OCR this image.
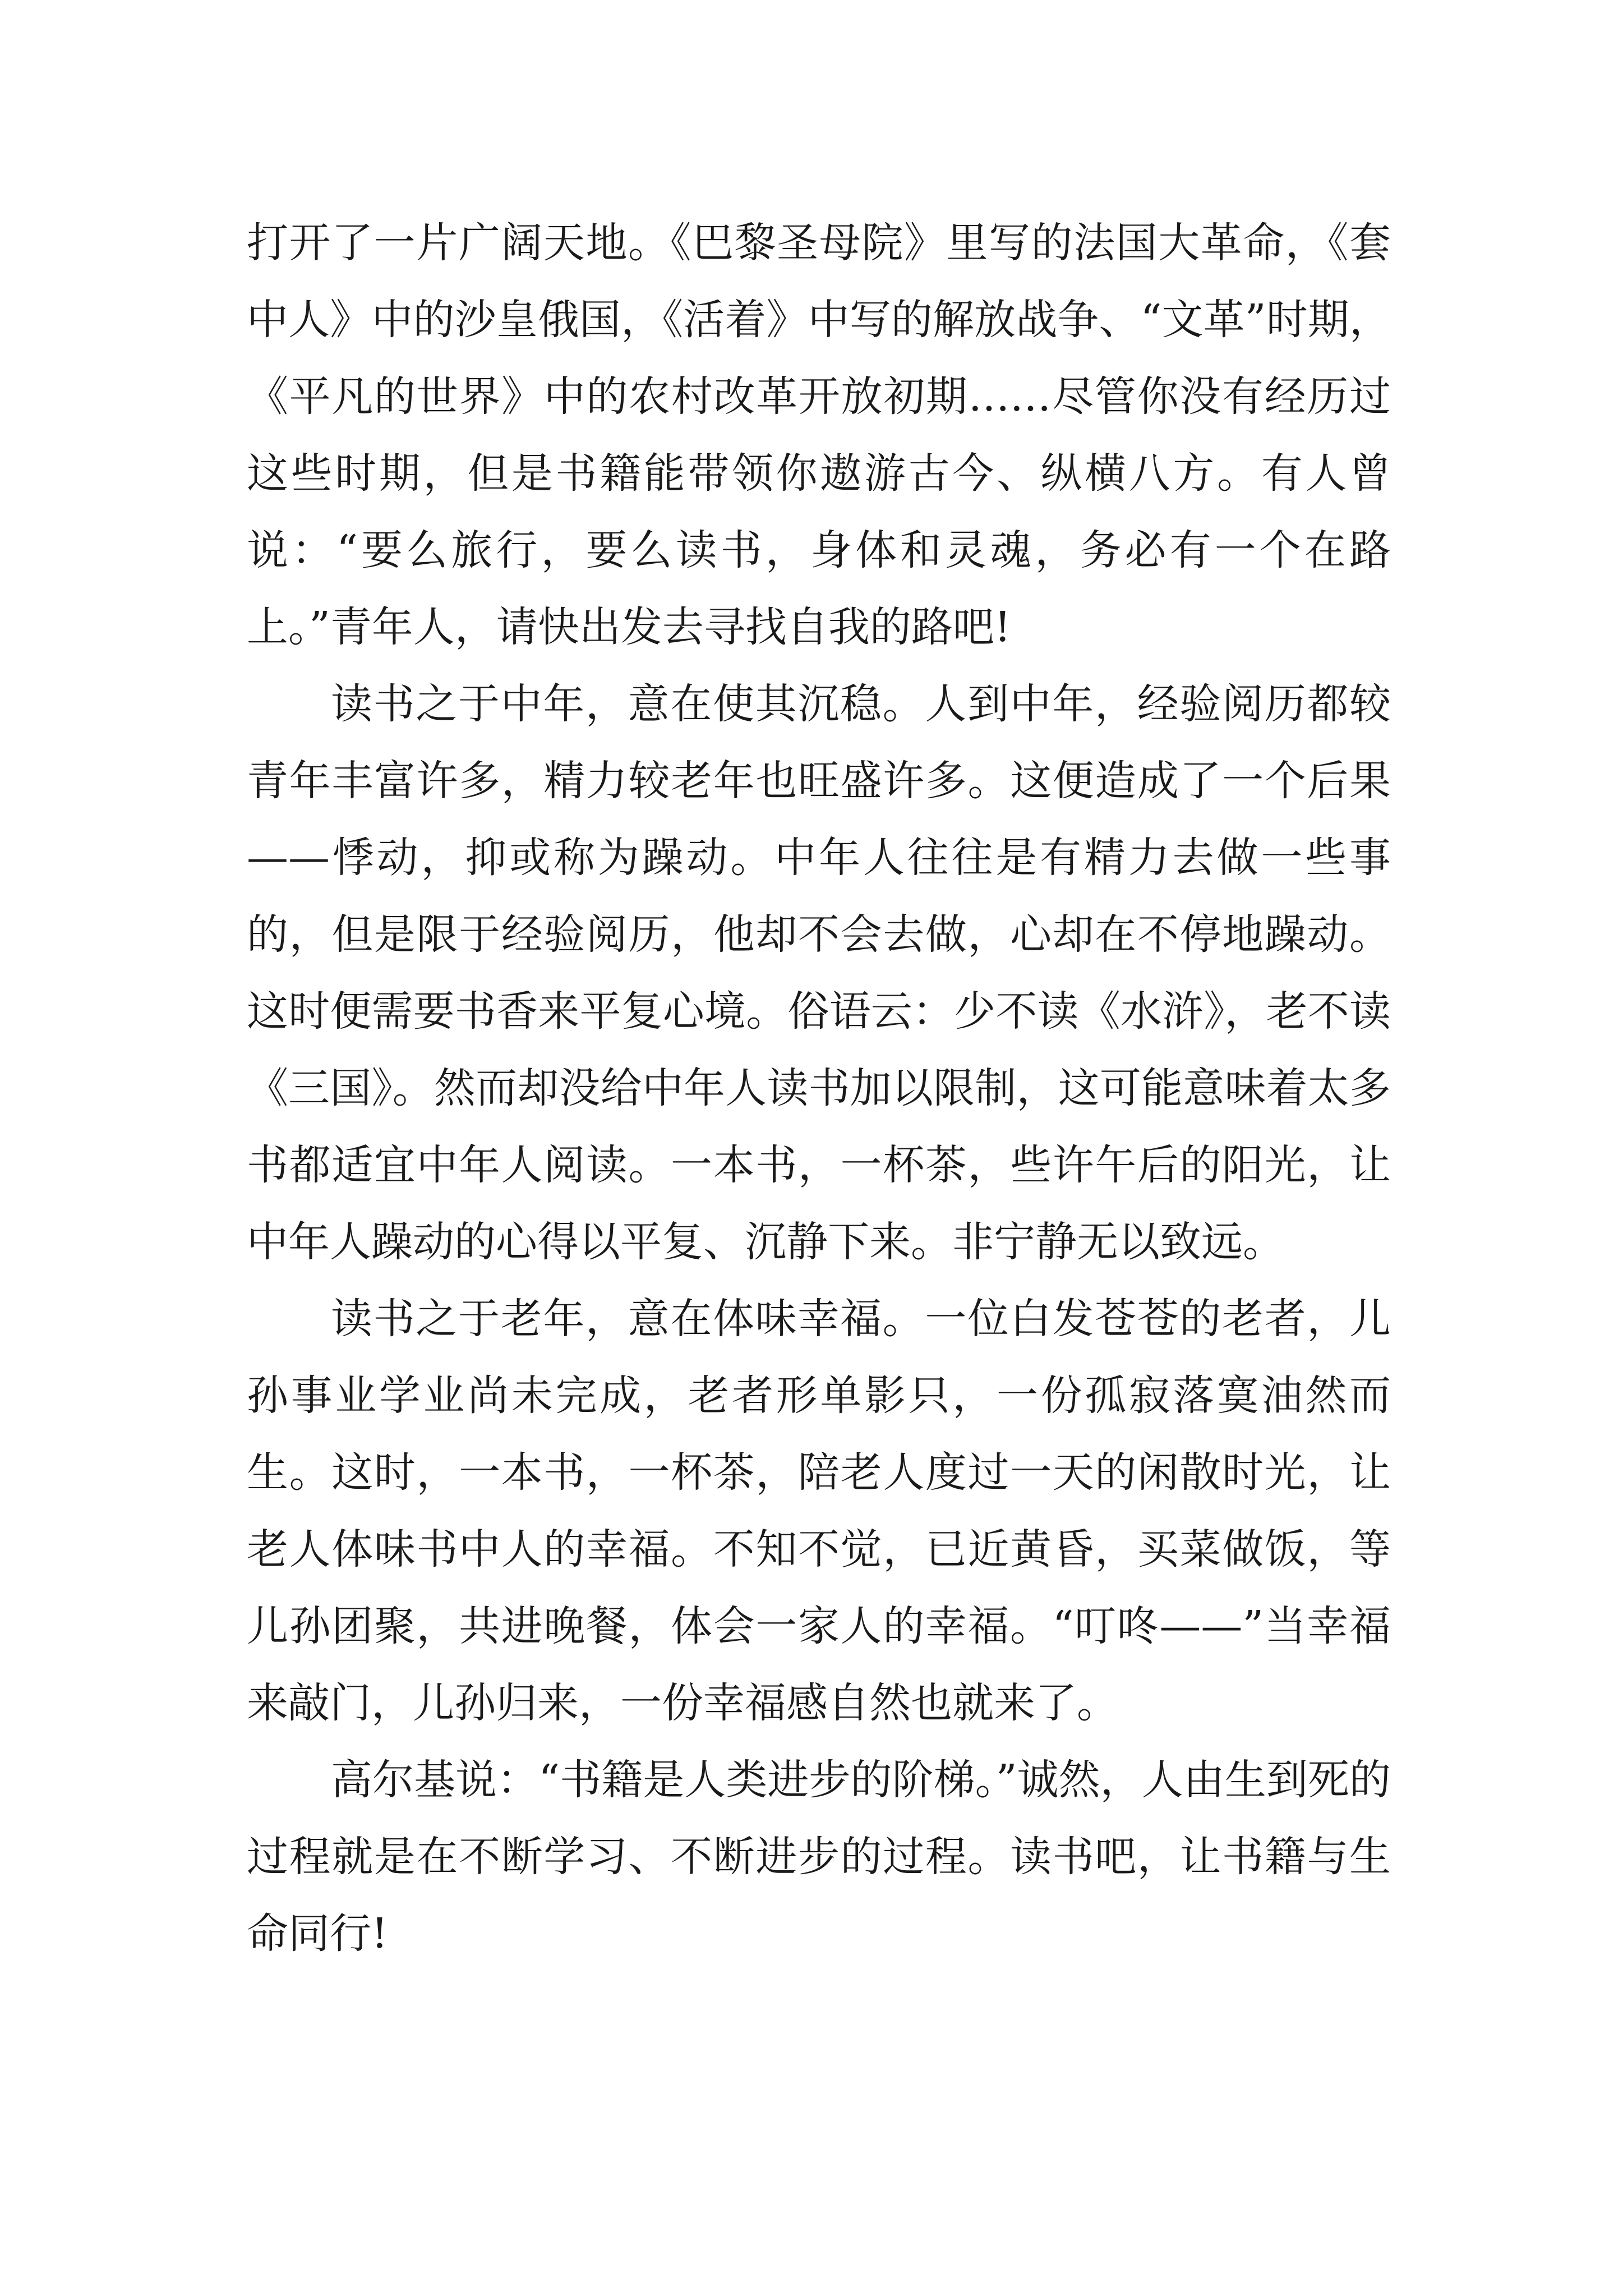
打开了一片广阔天地。《巴黎圣母院》里写的法国大革命，《套中人》中的沙皇俄国，《活着》中写的解放战争、“文革”时期，《平凡的世界》中的农村改革开放初期……尽管你没有经历过这些时期，但是书籍能带领你遨游古今、纵横八方。有人曾说：“要么旅行，要么读书，身体和灵魂，务必有一个在路上。”青年人，请快出发去寻找自我的路吧!

读书之于中年，意在使其沉稳。人到中年，经验阅历都较青年丰富许多，精力较老年也旺盛许多。这便造成了一个后果——悸动，抑或称为躁动。中年人往往是有精力去做一些事的，但是限于经验阅历，他却不会去做，心却在不停地躁动。这时便需要书香来平复心境。俗语云：少不读《水浒》，老不读《三国》。然而却没给中年人读书加以限制，这可能意味着太多书都适宜中年人阅读。一本书，一杯茶，些许午后的阳光，让中年人躁动的心得以平复、沉静下来。非宁静无以致远。

读书之于老年，意在体味幸福。一位白发苍苍的老者，儿孙事业学业尚未完成，老者形单影只，一份孤寂落寞油然而生。这时，一本书，一杯茶，陪老人度过一天的闲散时光，让老人体味书中人的幸福。不知不觉，已近黄昏，买菜做饭，等儿孙团聚，共进晚餐，体会一家人的幸福。“叮咚——”当幸福来敲门，儿孙归来，一份幸福感自然也就来了。

高尔基说：“书籍是人类进步的阶梯。”诚然，人由生到死的过程就是在不断学习、不断进步的过程。读书吧，让书籍与生命同行!
